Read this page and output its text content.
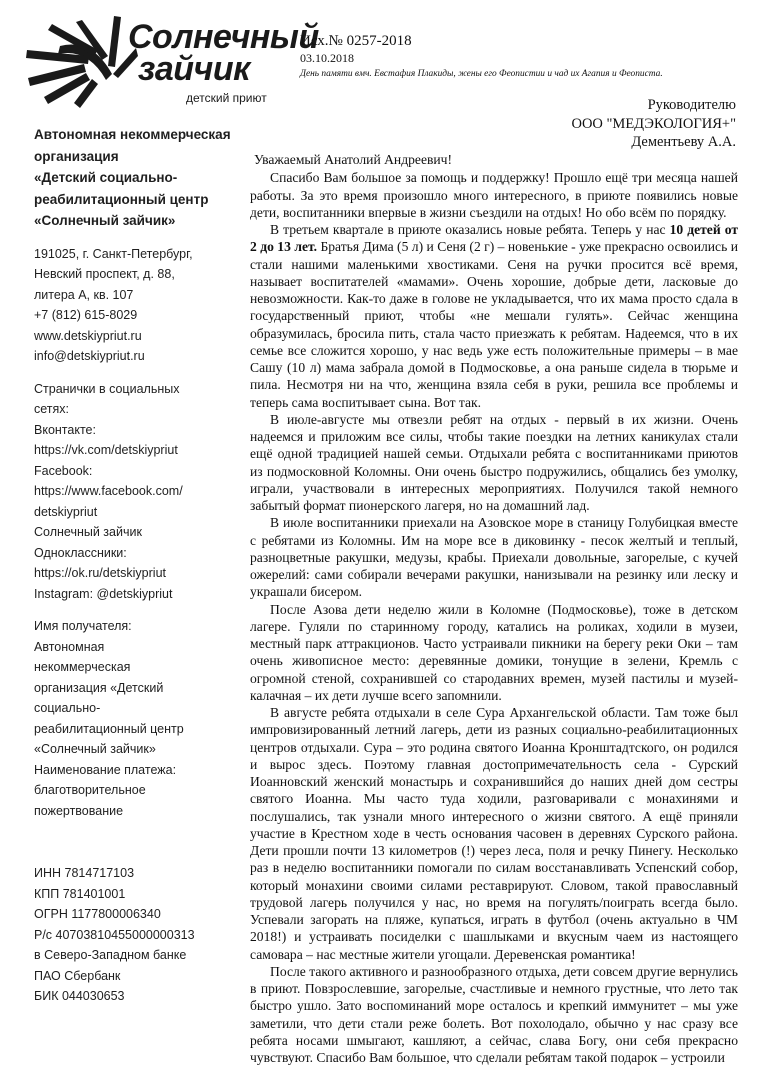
Солнечный
зайчик
детский приют
Исх.№ 0257-2018
03.10.2018
День памяти вмч. Евстафия Плакиды, жены его Феопистии и чад их Агапия и Феописта.
Руководителю
ООО "МЕДЭКОЛОГИЯ+"
Дементьеву А.А.
Автономная некоммерческая
организация
«Детский социально-
реабилитационный центр
«Солнечный зайчик»
191025, г. Санкт-Петербург,
Невский проспект, д. 88,
литера А, кв. 107
+7 (812) 615-8029
www.detskiypriut.ru
info@detskiypriut.ru
Странички в социальных
сетях:
Вконтакте:
https://vk.com/detskiypriut
Facebook:
https://www.facebook.com/
detskiypriut
Солнечный зайчик
Одноклассники:
https://ok.ru/detskiypriut
Instagram: @detskiypriut
Имя получателя:
Автономная
некоммерческая
организация «Детский
социально-
реабилитационный центр
«Солнечный зайчик»
Наименование платежа:
благотворительное
пожертвование
ИНН 7814717103
КПП 781401001
ОГРН 1177800006340
Р/с 40703810455000000313
в Северо-Западном банке
ПАО Сбербанк
БИК 044030653

Уважаемый Анатолий Андреевич!

Спасибо Вам большое за помощь и поддержку! Прошло ещё три месяца нашей работы. За это время произошло много интересного, в приюте появились новые дети, воспитанники впервые в жизни съездили на отдых! Но обо всём по порядку.

В третьем квартале в приюте оказались новые ребята. Теперь у нас 10 детей от 2 до 13 лет. Братья Дима (5 л) и Сеня (2 г) – новенькие - уже прекрасно освоились и стали нашими маленькими хвостиками. Сеня на ручки просится всё время, называет воспитателей «мамами». Очень хорошие, добрые дети, ласковые до невозможности. Как-то даже в голове не укладывается, что их мама просто сдала в государственный приют, чтобы «не мешали гулять». Сейчас женщина образумилась, бросила пить, стала часто приезжать к ребятам. Надеемся, что в их семье все сложится хорошо, у нас ведь уже есть положительные примеры – в мае Сашу (10 л) мама забрала домой в Подмосковье, а она раньше сидела в тюрьме и пила. Несмотря ни на что, женщина взяла себя в руки, решила все проблемы и теперь сама воспитывает сына. Вот так.

В июле-августе мы отвезли ребят на отдых - первый в их жизни. Очень надеемся и приложим все силы, чтобы такие поездки на летних каникулах стали ещё одной традицией нашей семьи. Отдыхали ребята с воспитанниками приютов из подмосковной Коломны. Они очень быстро подружились, общались без умолку, играли, участвовали в интересных мероприятиях. Получился такой немного забытый формат пионерского лагеря, но на домашний лад.

В июле воспитанники приехали на Азовское море в станицу Голубицкая вместе с ребятами из Коломны. Им на море все в диковинку - песок желтый и теплый, разноцветные ракушки, медузы, крабы. Приехали довольные, загорелые, с кучей ожерелий: сами собирали вечерами ракушки, нанизывали на резинку или леску и украшали бисером.

После Азова дети неделю жили в Коломне (Подмосковье), тоже в детском лагере. Гуляли по старинному городу, катались на роликах, ходили в музеи, местный парк аттракционов. Часто устраивали пикники на берегу реки Оки – там очень живописное место: деревянные домики, тонущие в зелени, Кремль с огромной стеной, сохранившей со стародавних времен, музей пастилы и музей-калачная – их дети лучше всего запомнили.

В августе ребята отдыхали в селе Сура Архангельской области. Там тоже был импровизированный летний лагерь, дети из разных социально-реабилитационных центров отдыхали. Сура – это родина святого Иоанна Кронштадтского, он родился и вырос здесь. Поэтому главная достопримечательность села - Сурский Иоанновский женский монастырь и сохранившийся до наших дней дом сестры святого Иоанна. Мы часто туда ходили, разговаривали с монахинями и послушались, так узнали много интересного о жизни святого. А ещё приняли участие в Крестном ходе в честь основания часовен в деревнях Сурского района. Дети прошли почти 13 километров (!) через леса, поля и речку Пинегу. Несколько раз в неделю воспитанники помогали по силам восстанавливать Успенский собор, который монахини своими силами реставрируют. Словом, такой православный трудовой лагерь получился у нас, но время на погулять/поиграть всегда было. Успевали загорать на пляже, купаться, играть в футбол (очень актуально в ЧМ 2018!) и устраивать посиделки с шашлыками и вкусным чаем из настоящего самовара – нас местные жители угощали. Деревенская романтика!

После такого активного и разнообразного отдыха, дети совсем другие вернулись в приют. Повзрослевшие, загорелые, счастливые и немного грустные, что лето так быстро ушло. Зато воспоминаний море осталось и крепкий иммунитет – мы уже заметили, что дети стали реже болеть. Вот похолодало, обычно у нас сразу все ребята носами шмыгают, кашляют, а сейчас, слава Богу, они себя прекрасно чувствуют. Спасибо Вам большое, что сделали ребятам такой подарок – устроили
